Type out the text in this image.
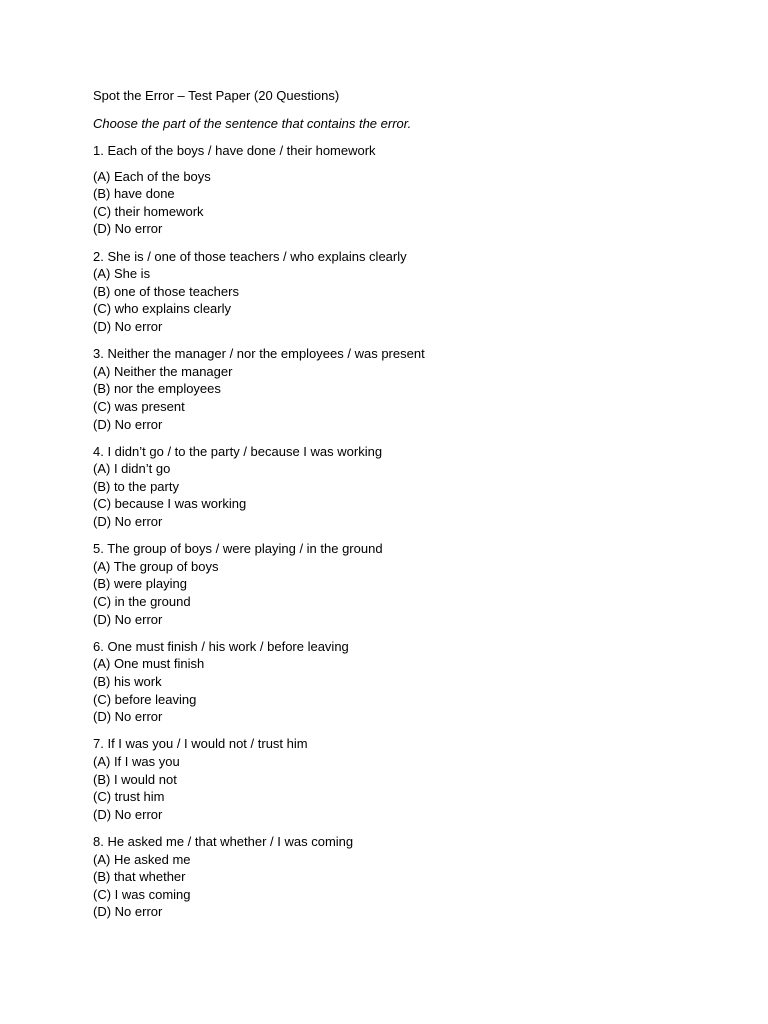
Spot the Error – Test Paper (20 Questions)
Choose the part of the sentence that contains the error.
1. Each of the boys / have done / their homework
(A) Each of the boys
(B) have done
(C) their homework
(D) No error
2. She is / one of those teachers / who explains clearly
(A) She is
(B) one of those teachers
(C) who explains clearly
(D) No error
3. Neither the manager / nor the employees / was present
(A) Neither the manager
(B) nor the employees
(C) was present
(D) No error
4. I didn’t go / to the party / because I was working
(A) I didn’t go
(B) to the party
(C) because I was working
(D) No error
5. The group of boys / were playing / in the ground
(A) The group of boys
(B) were playing
(C) in the ground
(D) No error
6. One must finish / his work / before leaving
(A) One must finish
(B) his work
(C) before leaving
(D) No error
7. If I was you / I would not / trust him
(A) If I was you
(B) I would not
(C) trust him
(D) No error
8. He asked me / that whether / I was coming
(A) He asked me
(B) that whether
(C) I was coming
(D) No error
